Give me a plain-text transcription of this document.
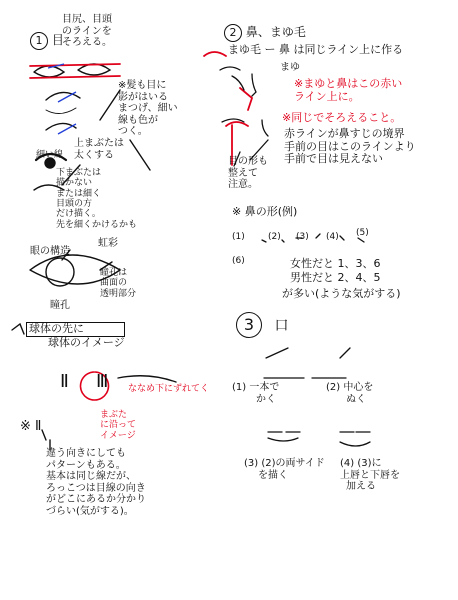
1 目
目尻、目頭
のラインを
そろえる。
※髪も目に
影がはいる
まつげ、細い
線も色が
つく。
上まぶたは
太くする
下まぶたは
描かない
または細く
目頭の方
だけ描く。
先を細くかけるかも
細い線
眼の構造
虹彩
瞳孔は
曲面の
透明部分
瞳孔
球体の先に
球体のイメージ
Ⅱ Ⅲ ななめ下にずれてく
まぶた
に沿って
イメージ
※ Ⅱ
違う向きにしても
パターンもある。
基本は同じ線だが、
ろっこつは目線の向き
がどこにあるか分かり
づらい(気がする)。
2 鼻、まゆ毛
まゆ毛 ー 鼻 は同じライン上に作る
まゆ
※まゆと鼻はこの赤い
ライン上に。
※同じでそろえること。
赤ラインが鼻すじの境界
手前の目はこのラインより
手前で目は見えない
目の形も
整えて
注意。
※ 鼻の形(例)
(1)	(2) (3) (4) (5)
(6)	女性だと 1、3、6
男性だと 2、4、5
が多い(ような気がする)
3 口
(1) 一本で
かく
(2) 中心を
ぬく
(3) (2)の両サイド
を描く
(4) (3)に
上唇と下唇を
加える
